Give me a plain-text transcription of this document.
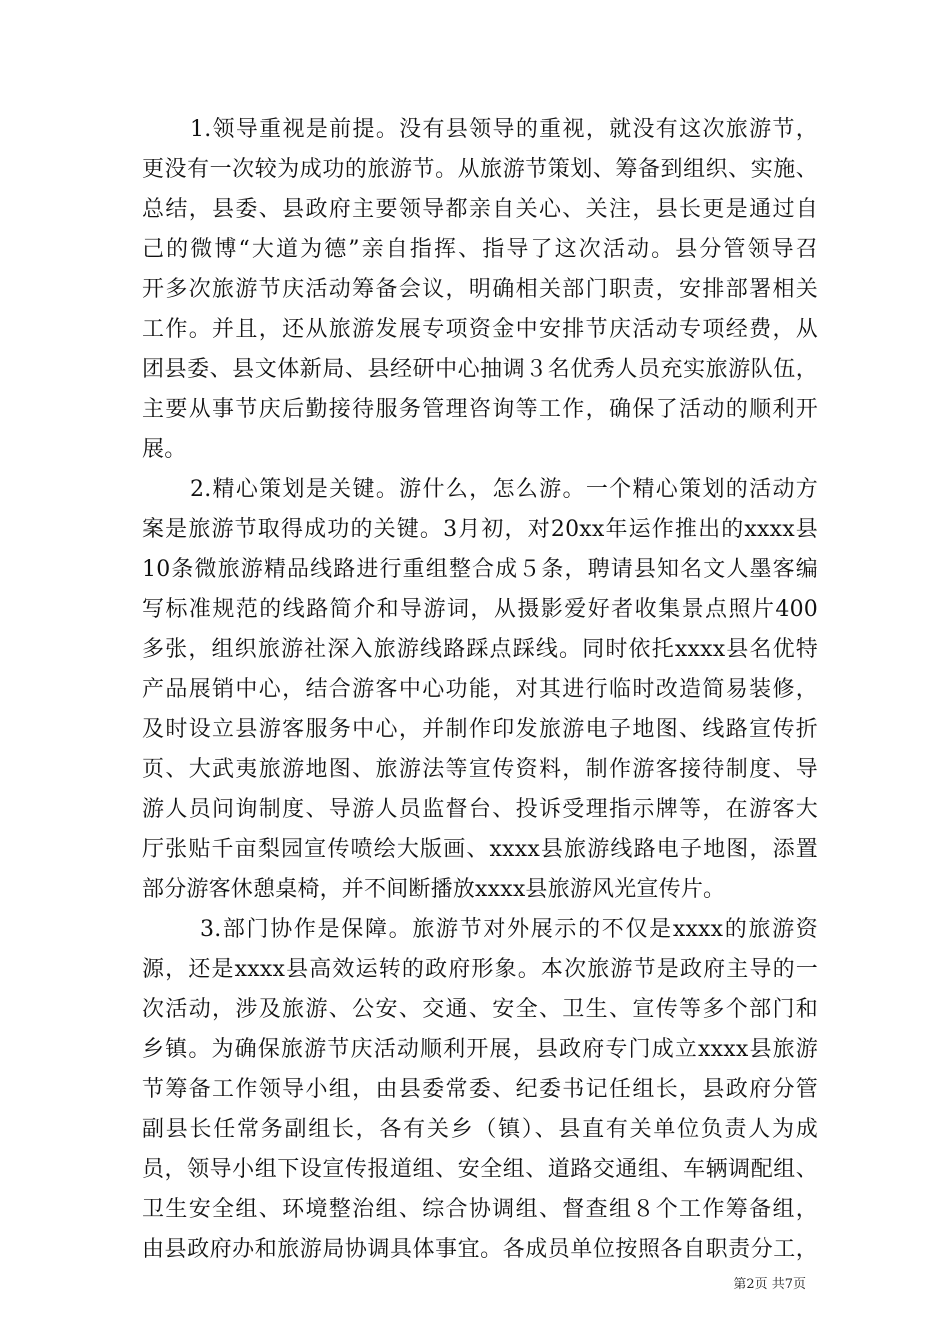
1.领导重视是前提。没有县领导的重视，就没有这次旅游节，
更没有一次较为成功的旅游节。从旅游节策划、筹备到组织、实施、
总结，县委、县政府主要领导都亲自关心、关注，县长更是通过自
己的微博“大道为德”亲自指挥、指导了这次活动。县分管领导召
开多次旅游节庆活动筹备会议，明确相关部门职责，安排部署相关
工作。并且，还从旅游发展专项资金中安排节庆活动专项经费，从
团县委、县文体新局、县经研中心抽调３名优秀人员充实旅游队伍，
主要从事节庆后勤接待服务管理咨询等工作，确保了活动的顺利开
展。
2.精心策划是关键。游什么，怎么游。一个精心策划的活动方
案是旅游节取得成功的关键。3月初，对20xx年运作推出的xxxx县
10条微旅游精品线路进行重组整合成５条，聘请县知名文人墨客编
写标准规范的线路简介和导游词，从摄影爱好者收集景点照片400
多张，组织旅游社深入旅游线路踩点踩线。同时依托xxxx县名优特
产品展销中心，结合游客中心功能，对其进行临时改造简易装修，
及时设立县游客服务中心，并制作印发旅游电子地图、线路宣传折
页、大武夷旅游地图、旅游法等宣传资料，制作游客接待制度、导
游人员问询制度、导游人员监督台、投诉受理指示牌等，在游客大
厅张贴千亩梨园宣传喷绘大版画、xxxx县旅游线路电子地图，添置
部分游客休憩桌椅，并不间断播放xxxx县旅游风光宣传片。
3.部门协作是保障。旅游节对外展示的不仅是xxxx的旅游资
源，还是xxxx县高效运转的政府形象。本次旅游节是政府主导的一
次活动，涉及旅游、公安、交通、安全、卫生、宣传等多个部门和
乡镇。为确保旅游节庆活动顺利开展，县政府专门成立xxxx县旅游
节筹备工作领导小组，由县委常委、纪委书记任组长，县政府分管
副县长任常务副组长，各有关乡（镇）、县直有关单位负责人为成
员，领导小组下设宣传报道组、安全组、道路交通组、车辆调配组、
卫生安全组、环境整治组、综合协调组、督查组８个工作筹备组，
由县政府办和旅游局协调具体事宜。各成员单位按照各自职责分工，
第2页 共7页
